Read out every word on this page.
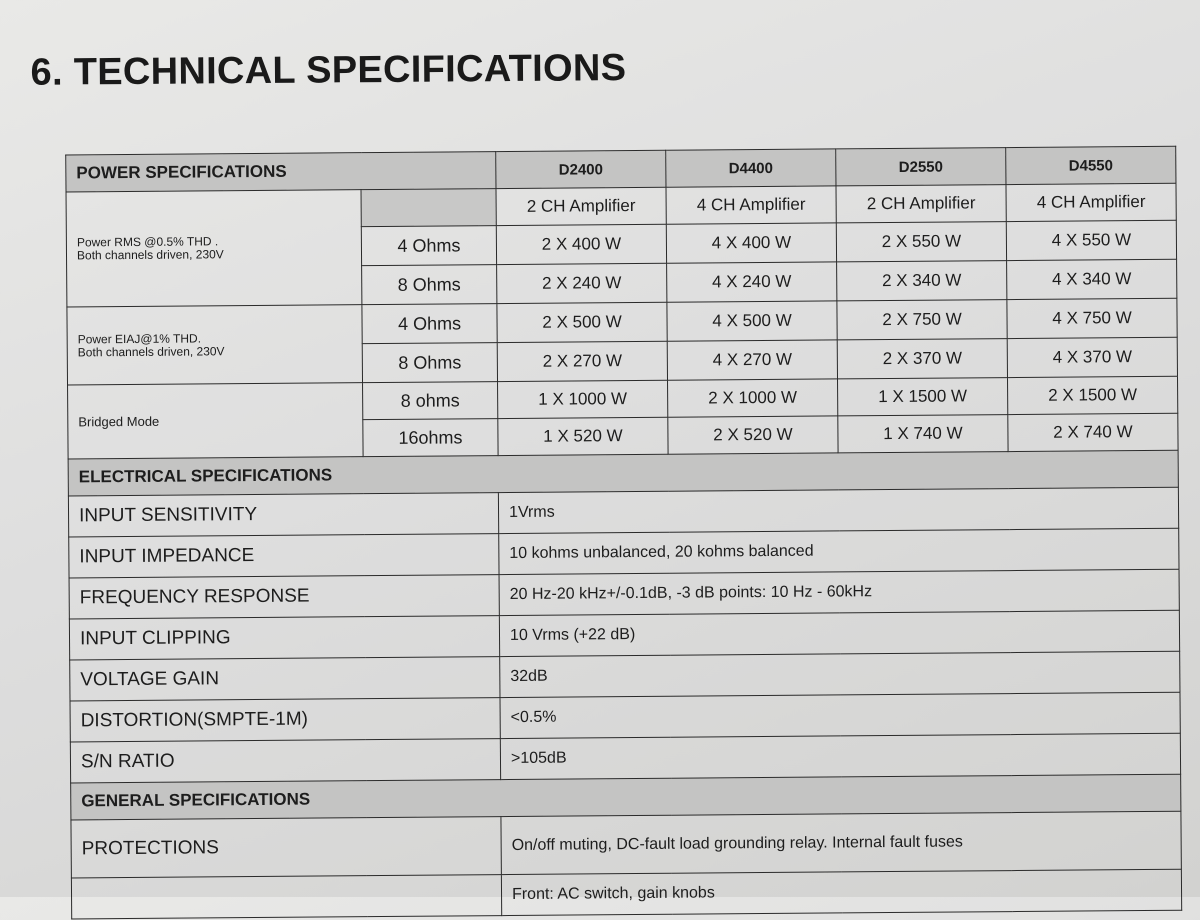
6. TECHNICAL SPECIFICATIONS
POWER SPECIFICATIONS		D2400	D4400	D2550	D4550

Power RMS @0.5% THD .
Both channels driven, 230V		2 CH Amplifier	4 CH Amplifier	2 CH Amplifier	4 CH Amplifier
	4 Ohms	2 X 400 W	4 X 400 W	2 X 550 W	4 X 550 W
	8 Ohms	2 X 240 W	4 X 240 W	2 X 340 W	4 X 340 W

Power EIAJ@1% THD.
Both channels driven, 230V	4 Ohms	2 X 500 W	4 X 500 W	2 X 750 W	4 X 750 W
	8 Ohms	2 X 270 W	4 X 270 W	2 X 370 W	4 X 370 W
Bridged Mode	8 ohms	1 X 1000 W	2 X 1000 W	1 X 1500 W	2 X 1500 W
	16ohms	1 X 520 W	2 X 520 W	1 X 740 W	2 X 740 W
ELECTRICAL SPECIFICATIONS					
INPUT SENSITIVITY		1Vrms			
INPUT IMPEDANCE		10 kohms unbalanced, 20 kohms balanced			
FREQUENCY RESPONSE		20 Hz-20 kHz+/-0.1dB, -3 dB points: 10 Hz - 60kHz			
INPUT CLIPPING		10 Vrms (+22 dB)			
VOLTAGE GAIN		32dB			
DISTORTION(SMPTE-1M)		<0.5%			
S/N RATIO		>105dB			
GENERAL SPECIFICATIONS					
PROTECTIONS		On/off muting, DC-fault load grounding relay. Internal fault fuses			
		Front: AC switch, gain knobs			
